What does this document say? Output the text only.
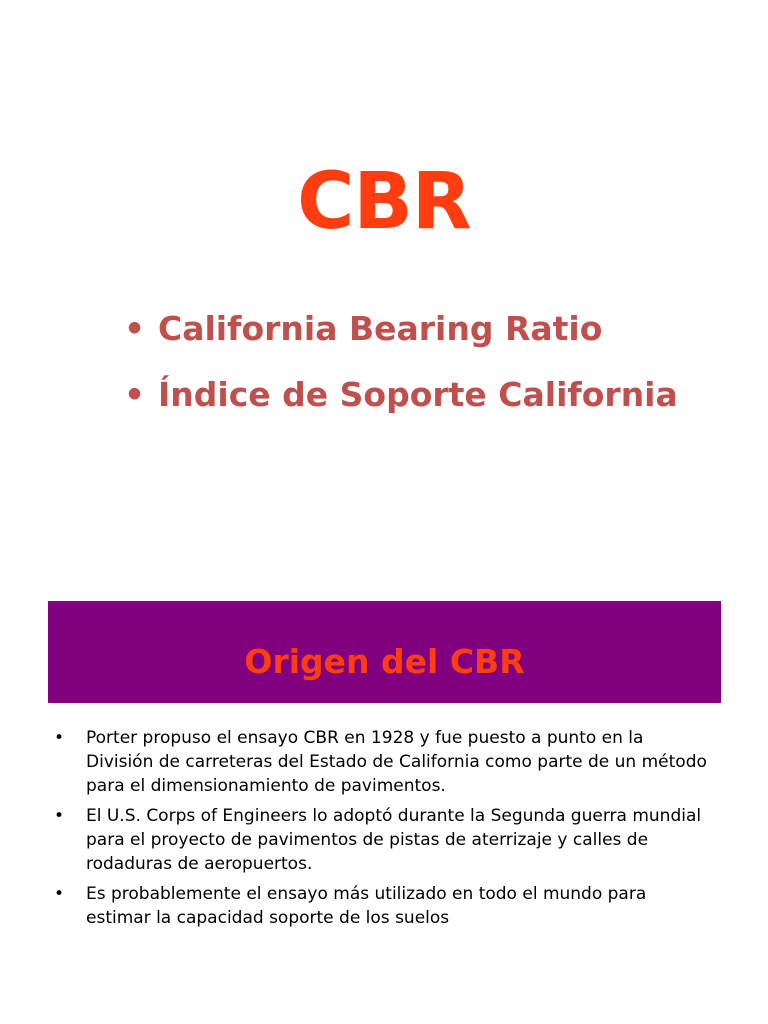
CBR
• California Bearing Ratio
• Índice de Soporte California
Origen del CBR
• Porter propuso el ensayo CBR en 1928 y fue puesto a punto en la División de carreteras del Estado de California como parte de un método para el dimensionamiento de pavimentos.
• El U.S. Corps of Engineers lo adoptó durante la Segunda guerra mundial para el proyecto de pavimentos de pistas de aterrizaje y calles de rodaduras de aeropuertos.
• Es probablemente el ensayo más utilizado en todo el mundo para estimar la capacidad soporte de los suelos
